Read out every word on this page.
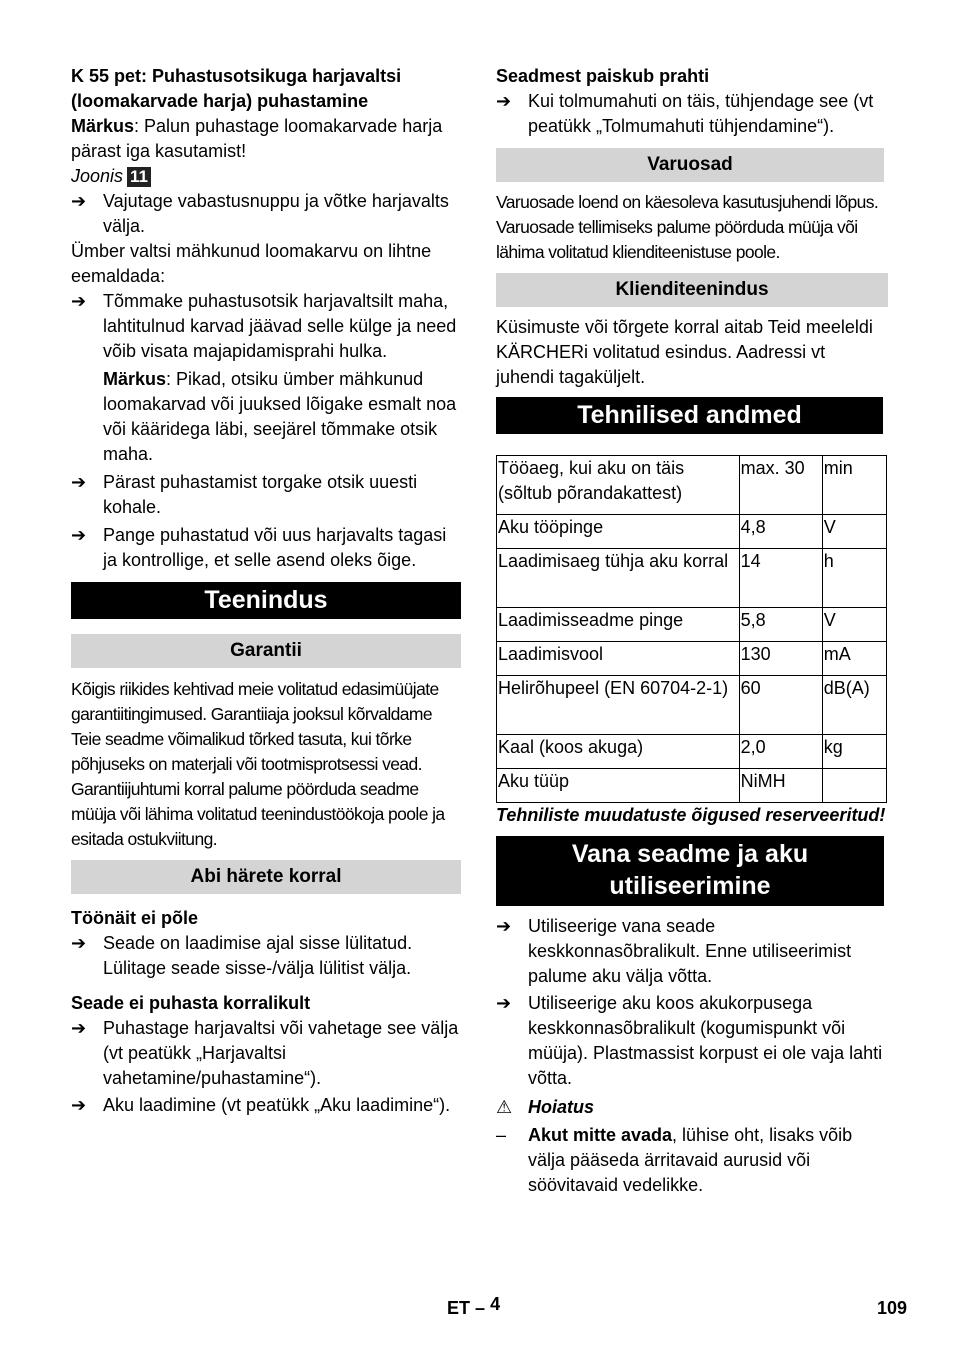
K 55 pet: Puhastusotsikuga harjavaltsi (loomakarvade harja) puhastamine

Märkus: Palun puhastage loomakarvade harja pärast iga kasutamist!

Joonis 11

➔ Vajutage vabastusnuppu ja võtke harjavalts välja.

Ümber valtsi mähkunud loomakarvu on lihtne eemaldada:

➔ Tõmmake puhastusotsik harjavaltsilt maha, lahtitulnud karvad jäävad selle külge ja need võib visata majapidamisprahi hulka.
Märkus: Pikad, otsiku ümber mähkunud loomakarvad või juuksed lõigake esmalt noa või kääridega läbi, seejärel tõmmake otsik maha.
➔ Pärast puhastamist torgake otsik uuesti kohale.
➔ Pange puhastatud või uus harjavalts tagasi ja kontrollige, et selle asend oleks õige.
Teenindus
Garantii

Kõigis riikides kehtivad meie volitatud edasimüüjate garantiitingimused. Garantiiaja jooksul kõrvaldame Teie seadme võimalikud tõrked tasuta, kui tõrke põhjuseks on materjali või tootmisprotsessi vead. Garantiijuhtumi korral palume pöörduda seadme müüja või lähima volitatud teenindustöökoja poole ja esitada ostukviitung.

Abi härete korral

Töönäit ei põle

➔ Seade on laadimise ajal sisse lülitatud. Lülitage seade sisse-/välja lülitist välja.

Seade ei puhasta korralikult

➔ Puhastage harjavaltsi või vahetage see välja (vt peatükk „Harjavaltsi vahetamine/puhastamine“).
➔ Aku laadimine (vt peatükk „Aku laadimine“).

Seadmest paiskub prahti

➔ Kui tolmumahuti on täis, tühjendage see (vt peatükk „Tolmumahuti tühjendamine“).
Varuosad

Varuosade loend on käesoleva kasutusjuhendi lõpus.

Varuosade tellimiseks palume pöörduda müüja või lähima volitatud klienditeenistuse poole.

Klienditeenindus

Küsimuste või tõrgete korral aitab Teid meeleldi KÄRCHERi volitatud esindus. Aadressi vt juhendi tagaküljelt.

Tehnilised andmed
Tööaeg, kui aku on täis (sõltub põrandakattest)	max. 30	min
Aku tööpinge	4,8	V
Laadimisaeg tühja aku korral	14	h
Laadimisseadme pinge	5,8	V
Laadimisvool	130	mA
Helirõhupeel (EN 60704-2-1)	60	dB(A)
Kaal (koos akuga)	2,0	kg
Aku tüüp	NiMH	

Tehniliste muudatuste õigused reserveeritud!

Vana seadme ja aku utiliseerimine
➔ Utiliseerige vana seade keskkonnasõbralikult. Enne utiliseerimist palume aku välja võtta.
➔ Utiliseerige aku koos akukorpusega keskkonnasõbralikult (kogumispunkt või müüja). Plastmassist korpust ei ole vaja lahti võtta.

⚠ Hoiatus

–	Akut mitte avada, lühise oht, lisaks võib välja pääseda ärritavaid aurusid või söövitavaid vedelikke.
ET – 4	109
